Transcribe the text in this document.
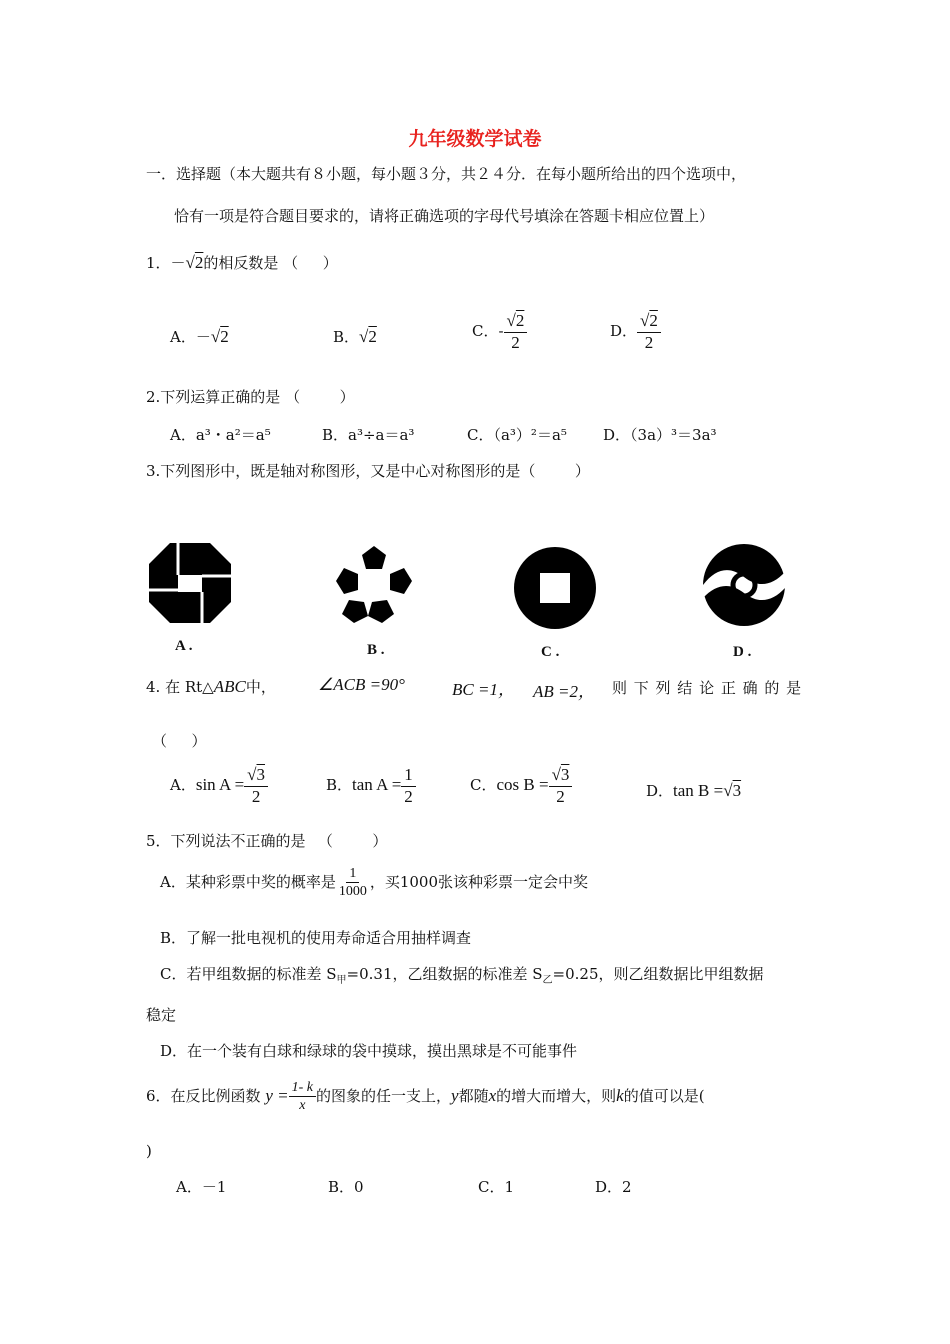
九年级数学试卷
一．选择题（本大题共有８小题，每小题３分，共２４分．在每小题所给出的四个选项中，
恰有一项是符合题目要求的，请将正确选项的字母代号填涂在答题卡相应位置上）
1．－√2的相反数是 （ 　 ）
A．－√2	B．√2	C．- $\frac{√2}{2}$	D． $\frac{√2}{2}$
2.下列运算正确的是 （ 　　 ）
A．a³・a²＝a⁵	B．a³÷a＝a³	C．（a³）²＝a⁵ D．（3a）³＝3a³
3.下列图形中，既是轴对称图形，又是中心对称图形的是（ 　　 ）
A .	B .	C .	D .
4. 在 Rt△ABC中， ∠ACB =90°	BC =1， AB =2， 则 下 列 结 论 正 确 的 是
（ 　 ）
A．$\sin A = \frac{√3}{2}$	B．$\tan A = \frac{1}{2}$	C．$\cos B = \frac{√3}{2}$	D．tan B =√3
5．下列说法不正确的是 　（ 　　 ）
A．某种彩票中奖的概率是 $\frac{1}{1000}$ ，买1000张该种彩票一定会中奖
B．了解一批电视机的使用寿命适合用抽样调查
C．若甲组数据的标准差 $S_甲=0.31$，乙组数据的标准差 $S_乙=0.25$，则乙组数据比甲组数据
稳定
D．在一个装有白球和绿球的袋中摸球，摸出黑球是不可能事件
6．在反比例函数 $y = \frac{1- k}{x}$ 的图象的任一支上，y都随x的增大而增大，则k的值可以是(
)
A．－1	B．0	C．1	D．2
